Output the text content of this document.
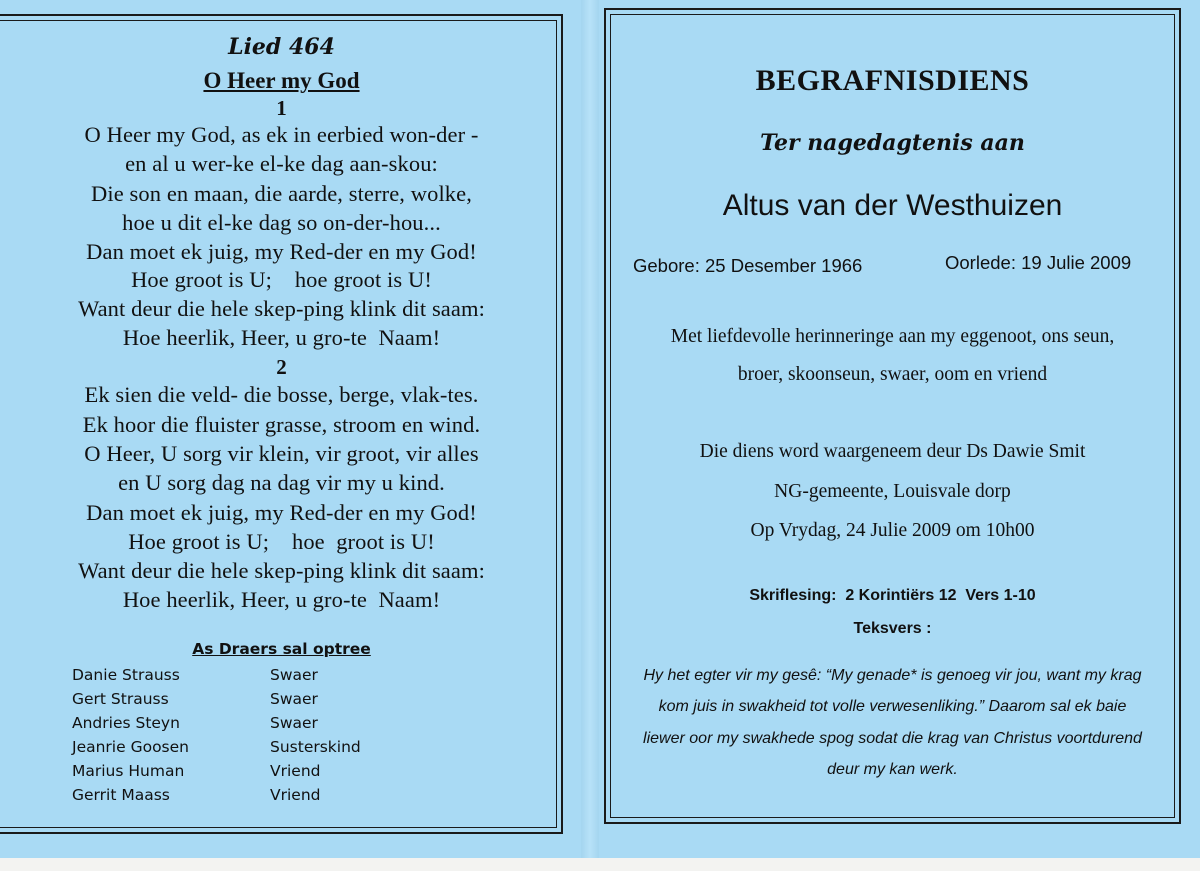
Lied 464
O Heer my God
1
O Heer my God, as ek in eerbied won-der -
en al u wer-ke el-ke dag aan-skou:
Die son en maan, die aarde, sterre, wolke,
hoe u dit el-ke dag so on-der-hou...
Dan moet ek juig, my Red-der en my God!
Hoe groot is U;    hoe groot is U!
Want deur die hele skep-ping klink dit saam:
Hoe heerlik, Heer, u gro-te  Naam!
2
Ek sien die veld- die bosse, berge, vlak-tes.
Ek hoor die fluister grasse, stroom en wind.
O Heer, U sorg vir klein, vir groot, vir alles
en U sorg dag na dag vir my u kind.
Dan moet ek juig, my Red-der en my God!
Hoe groot is U;    hoe  groot is U!
Want deur die hele skep-ping klink dit saam:
Hoe heerlik, Heer, u gro-te  Naam!
As Draers sal optree
Danie Strauss	Swaer
Gert Strauss	Swaer
Andries Steyn	Swaer
Jeanrie Goosen	Susterskind
Marius Human	Vriend
Gerrit Maass	Vriend
BEGRAFNISDIENS
Ter nagedagtenis aan
Altus van der Westhuizen
Gebore: 25 Desember 1966	Oorlede: 19 Julie 2009
Met liefdevolle herinneringe aan my eggenoot, ons seun,
broer, skoonseun, swaer, oom en vriend
Die diens word waargeneem deur Ds Dawie Smit
NG-gemeente, Louisvale dorp
Op Vrydag, 24 Julie 2009 om 10h00
Skriflesing:  2 Korintiërs 12  Vers 1-10
Teksvers :
Hy het egter vir my gesê: “My genade* is genoeg vir jou, want my krag
kom juis in swakheid tot volle verwesenliking.” Daarom sal ek baie
liewer oor my swakhede spog sodat die krag van Christus voortdurend
deur my kan werk.
